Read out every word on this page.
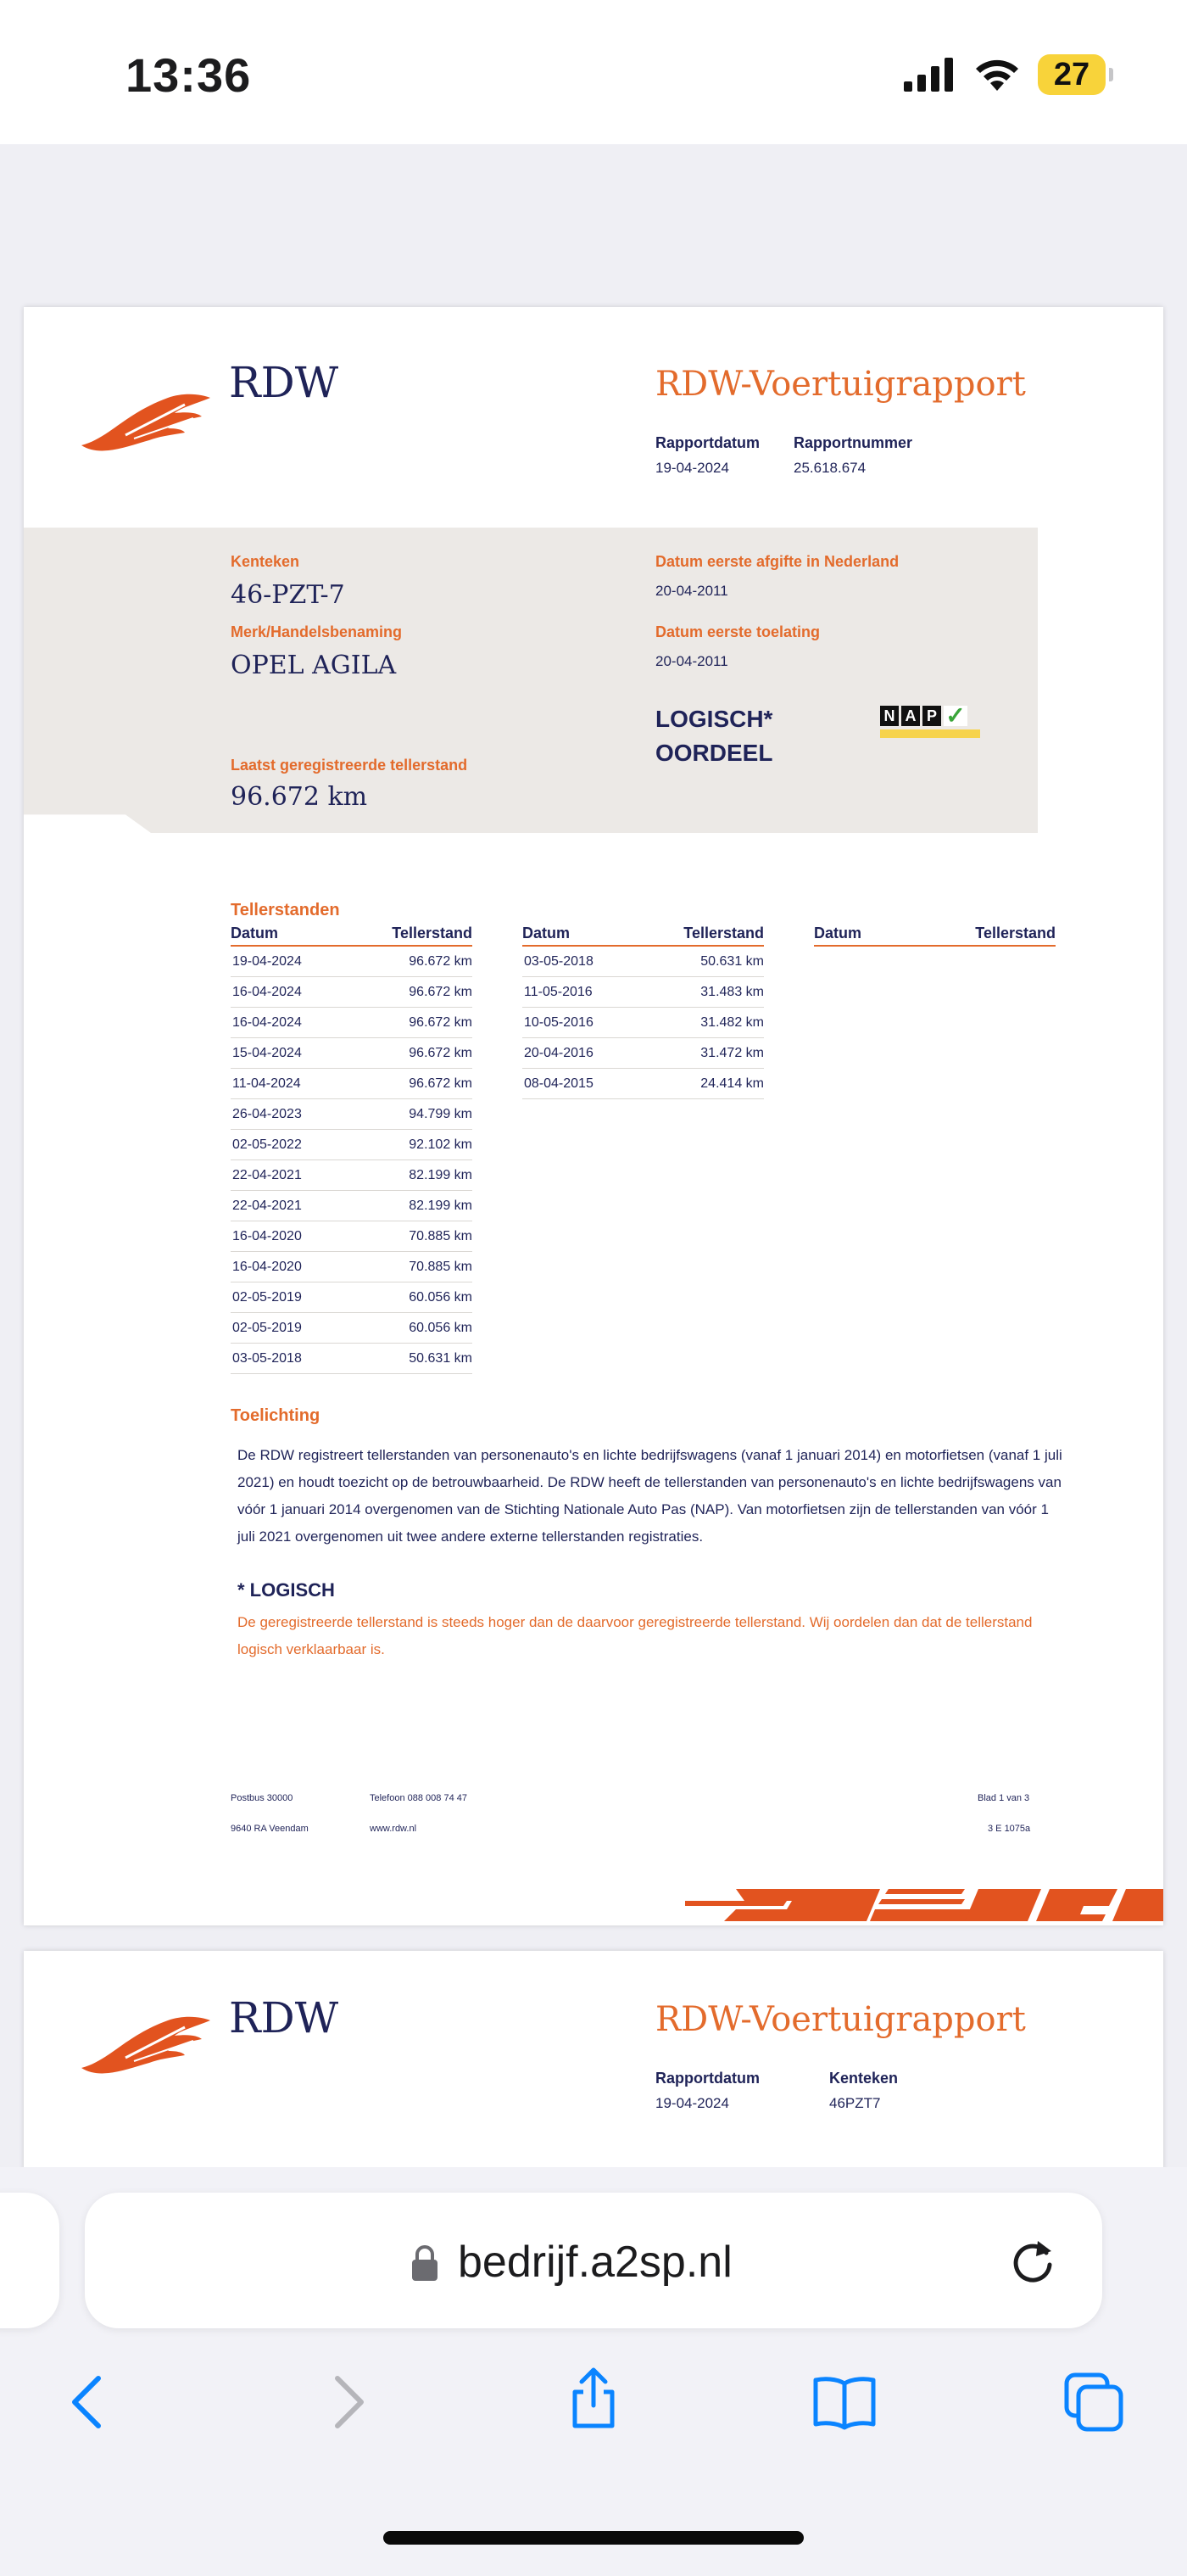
13:36	27
RDW	RDW-Voertuigrapport
Rapportdatum
19-04-2024
Rapportnummer
25.618.674
Kenteken
46-PZT-7
Merk/Handelsbenaming
OPEL AGILA
Laatst geregistreerde tellerstand
96.672 km
Datum eerste afgifte in Nederland
20-04-2011
Datum eerste toelating
20-04-2011
LOGISCH*
OORDEEL
N A P ✓
Tellerstanden
Datum	Tellerstand
19-04-2024	96.672 km
16-04-2024	96.672 km
16-04-2024	96.672 km
15-04-2024	96.672 km
11-04-2024	96.672 km
26-04-2023	94.799 km
02-05-2022	92.102 km
22-04-2021	82.199 km
22-04-2021	82.199 km
16-04-2020	70.885 km
16-04-2020	70.885 km
02-05-2019	60.056 km
02-05-2019	60.056 km
03-05-2018	50.631 km
Datum	Tellerstand
03-05-2018	50.631 km
11-05-2016	31.483 km
10-05-2016	31.482 km
20-04-2016	31.472 km
08-04-2015	24.414 km
Datum	Tellerstand
Toelichting
De RDW registreert tellerstanden van personenauto's en lichte bedrijfswagens (vanaf 1 januari 2014) en motorfietsen (vanaf 1 juli 2021) en houdt toezicht op de betrouwbaarheid. De RDW heeft de tellerstanden van personenauto's en lichte bedrijfswagens van vóór 1 januari 2014 overgenomen van de Stichting Nationale Auto Pas (NAP). Van motorfietsen zijn de tellerstanden van vóór 1 juli 2021 overgenomen uit twee andere externe tellerstanden registraties.
* LOGISCH
De geregistreerde tellerstand is steeds hoger dan de daarvoor geregistreerde tellerstand. Wij oordelen dan dat de tellerstand logisch verklaarbaar is.
Postbus 30000
9640 RA Veendam
Telefoon 088 008 74 47
www.rdw.nl
Blad 1 van 3
3 E 1075a
RDW	RDW-Voertuigrapport
Rapportdatum
19-04-2024
Kenteken
46PZT7
bedrijf.a2sp.nl
